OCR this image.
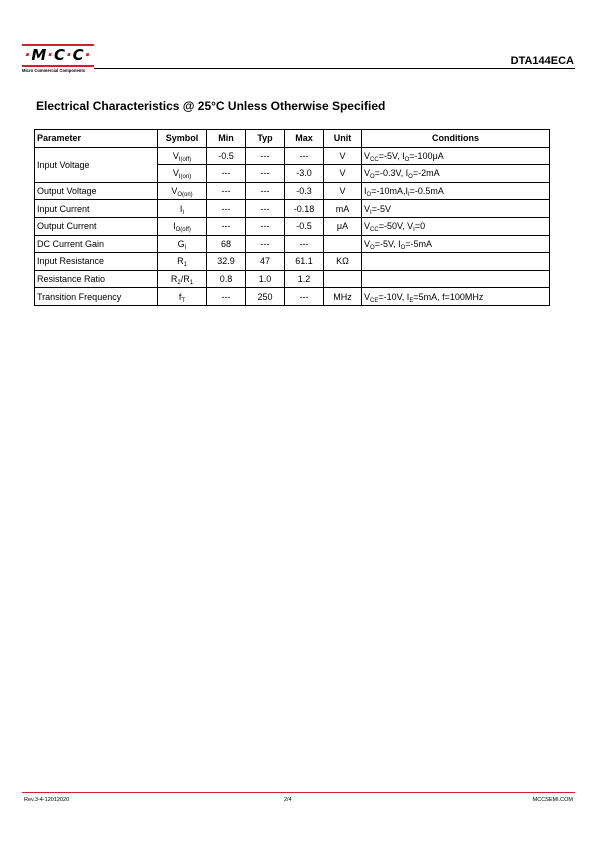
·M·C·C·
Micro Commercial Components
DTA144ECA
Electrical Characteristics @ 25°C Unless Otherwise Specified
Parameter	Symbol	Min	Typ	Max	Unit	Conditions
Input Voltage	$V_{I(off)}$	-0.5	---	---	V	$V_{CC}=-5V$, $I_O=-100\mu A$
	$V_{I(on)}$	---	---	-3.0	V	$V_O=-0.3V$, $I_O=-2mA$
Output Voltage	$V_{O(on)}$	---	---	-0.3	V	$I_O=-10mA,I_I=-0.5mA$
Input Current	$I_I$	---	---	-0.18	mA	$V_I=-5V$
Output Current	$I_{O(off)}$	---	---	-0.5	μA	$V_{CC}=-50V$, $V_I=0$
DC Current Gain	$G_I$	68	---	---		$V_O=-5V$, $I_O=-5mA$
Input Resistance	$R_1$	32.9	47	61.1	KΩ	
Resistance Ratio	$R_2/R_1$	0.8	1.0	1.2		
Transition Frequency	$f_T$	---	250	---	MHz	$V_{CE}=-10V$, $I_E=5mA$, f=100MHz
Rev.3-4-12012020	2/4	MCCSEMI.COM
